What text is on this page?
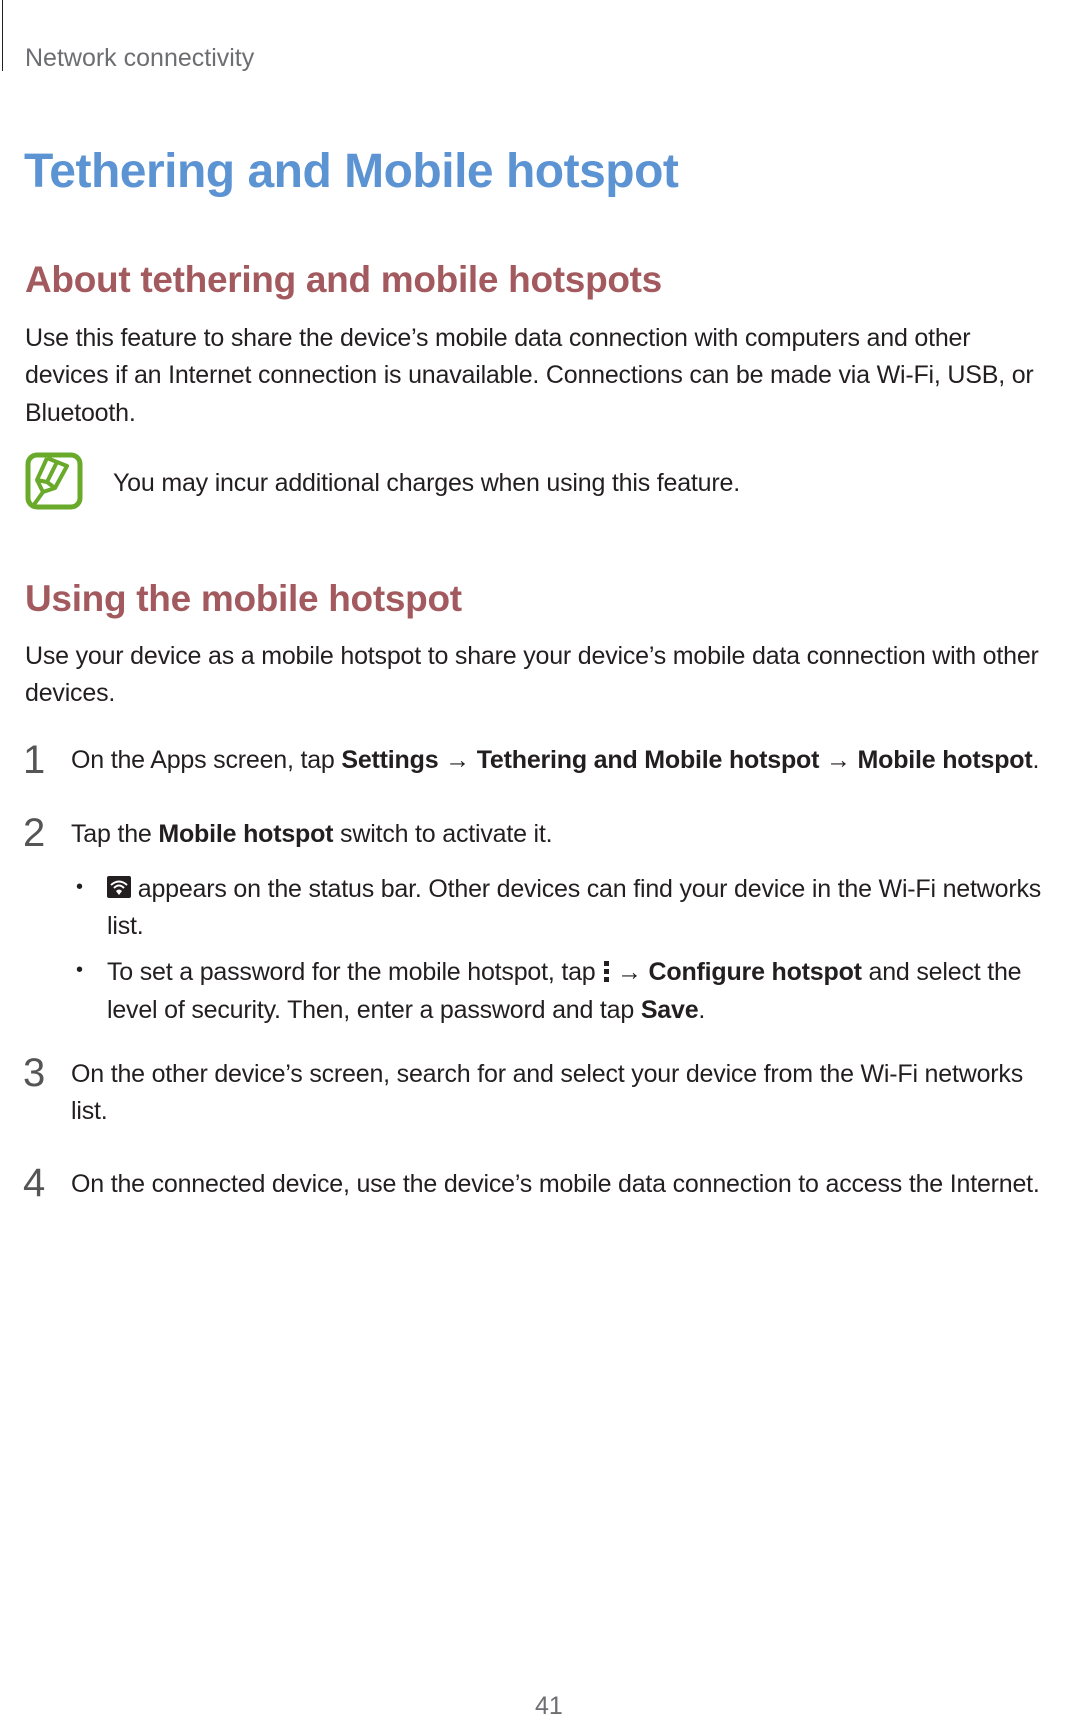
Network connectivity
Tethering and Mobile hotspot
About tethering and mobile hotspots
Use this feature to share the device’s mobile data connection with computers and other
devices if an Internet connection is unavailable. Connections can be made via Wi-Fi, USB, or
Bluetooth.
You may incur additional charges when using this feature.
Using the mobile hotspot
Use your device as a mobile hotspot to share your device’s mobile data connection with other
devices.
1 On the Apps screen, tap Settings → Tethering and Mobile hotspot → Mobile hotspot.
2 Tap the Mobile hotspot switch to activate it.
•	appears on the status bar. Other devices can find your device in the Wi-Fi networks
list.
• To set a password for the mobile hotspot, tap
→ Configure hotspot and select the
level of security. Then, enter a password and tap Save.
3 On the other device’s screen, search for and select your device from the Wi-Fi networks
list.
4 On the connected device, use the device’s mobile data connection to access the Internet.
41
